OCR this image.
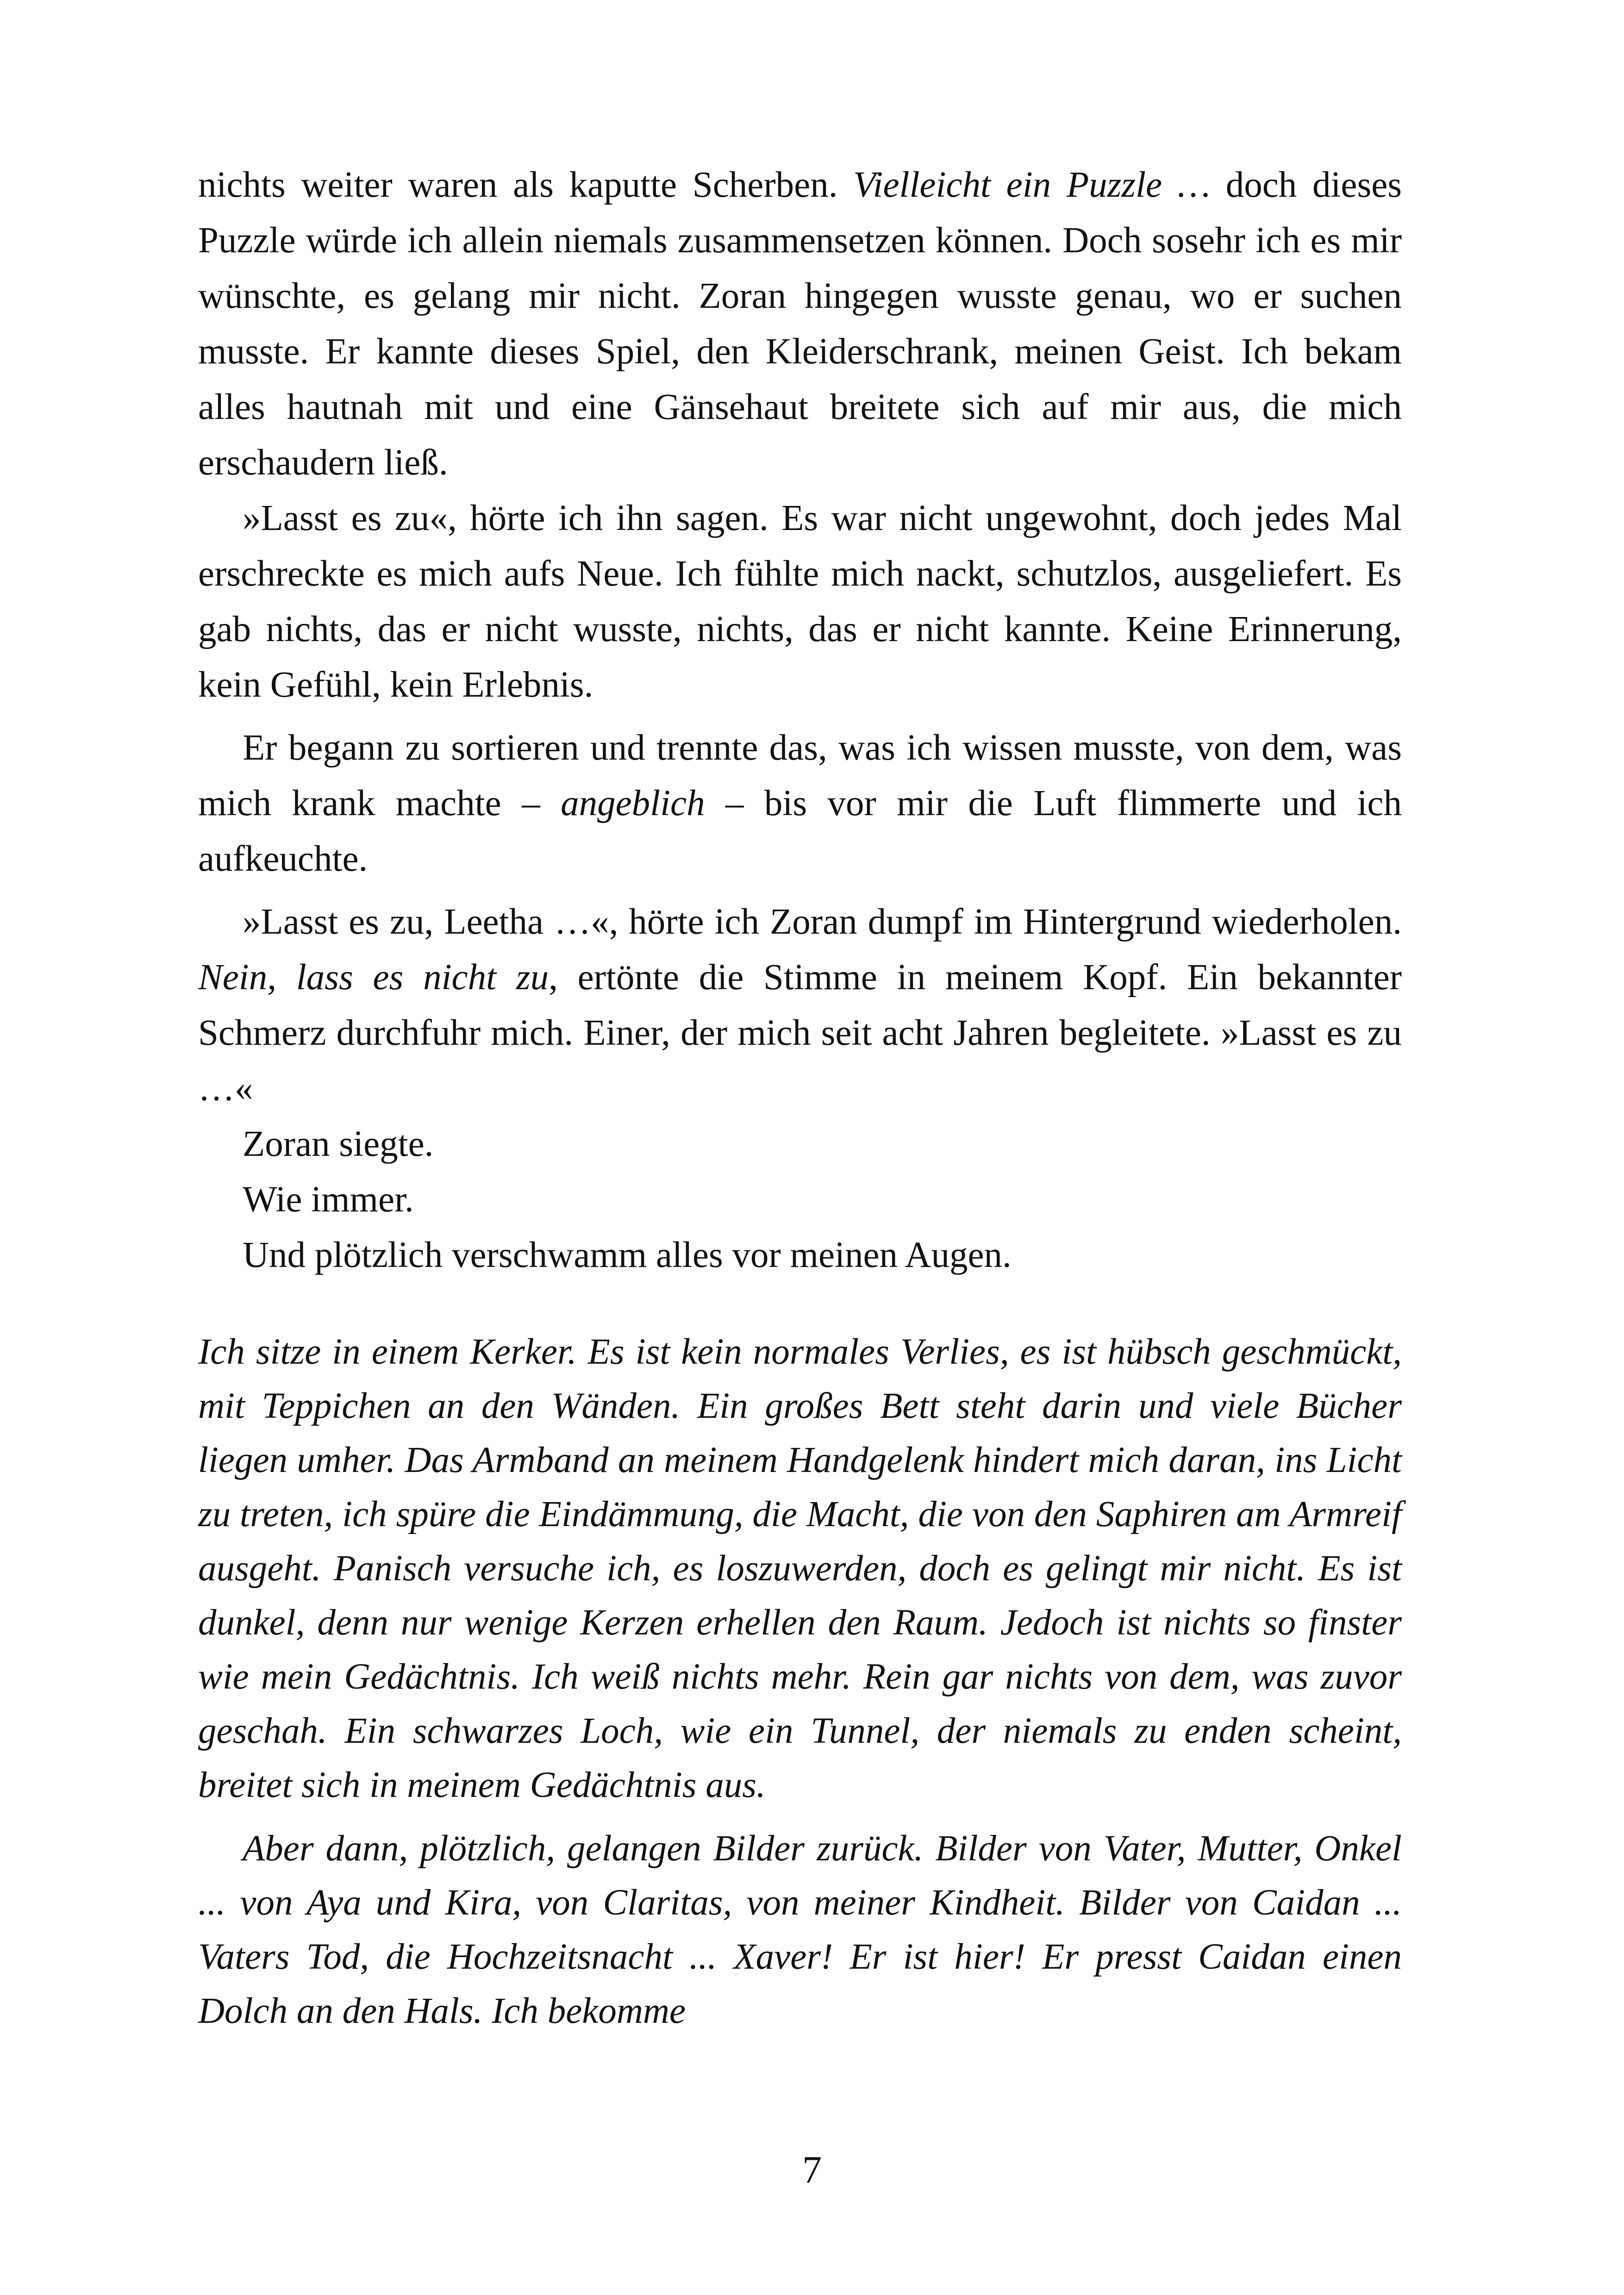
nichts weiter waren als kaputte Scherben. Vielleicht ein Puzzle … doch dieses Puzzle würde ich allein niemals zusammensetzen können. Doch sosehr ich es mir wünschte, es gelang mir nicht. Zoran hingegen wusste genau, wo er suchen musste. Er kannte dieses Spiel, den Kleiderschrank, meinen Geist. Ich bekam alles hautnah mit und eine Gänsehaut breitete sich auf mir aus, die mich erschaudern ließ.

»Lasst es zu«, hörte ich ihn sagen. Es war nicht ungewohnt, doch jedes Mal erschreckte es mich aufs Neue. Ich fühlte mich nackt, schutzlos, ausgeliefert. Es gab nichts, das er nicht wusste, nichts, das er nicht kannte. Keine Erinnerung, kein Gefühl, kein Erlebnis.

Er begann zu sortieren und trennte das, was ich wissen musste, von dem, was mich krank machte – angeblich – bis vor mir die Luft flimmerte und ich aufkeuchte.

»Lasst es zu, Leetha …«, hörte ich Zoran dumpf im Hintergrund wiederholen. Nein, lass es nicht zu, ertönte die Stimme in meinem Kopf. Ein bekannter Schmerz durchfuhr mich. Einer, der mich seit acht Jahren begleitete. »Lasst es zu …«

Zoran siegte.

Wie immer.

Und plötzlich verschwamm alles vor meinen Augen.

Ich sitze in einem Kerker. Es ist kein normales Verlies, es ist hübsch geschmückt, mit Teppichen an den Wänden. Ein großes Bett steht darin und viele Bücher liegen umher. Das Armband an meinem Handgelenk hindert mich daran, ins Licht zu treten, ich spüre die Eindämmung, die Macht, die von den Saphiren am Armreif ausgeht. Panisch versuche ich, es loszuwerden, doch es gelingt mir nicht. Es ist dunkel, denn nur wenige Kerzen erhellen den Raum. Jedoch ist nichts so finster wie mein Gedächtnis. Ich weiß nichts mehr. Rein gar nichts von dem, was zuvor geschah. Ein schwarzes Loch, wie ein Tunnel, der niemals zu enden scheint, breitet sich in meinem Gedächtnis aus.

Aber dann, plötzlich, gelangen Bilder zurück. Bilder von Vater, Mutter, Onkel ... von Aya und Kira, von Claritas, von meiner Kindheit. Bilder von Caidan ... Vaters Tod, die Hochzeitsnacht ... Xaver! Er ist hier! Er presst Caidan einen Dolch an den Hals. Ich bekomme

7
